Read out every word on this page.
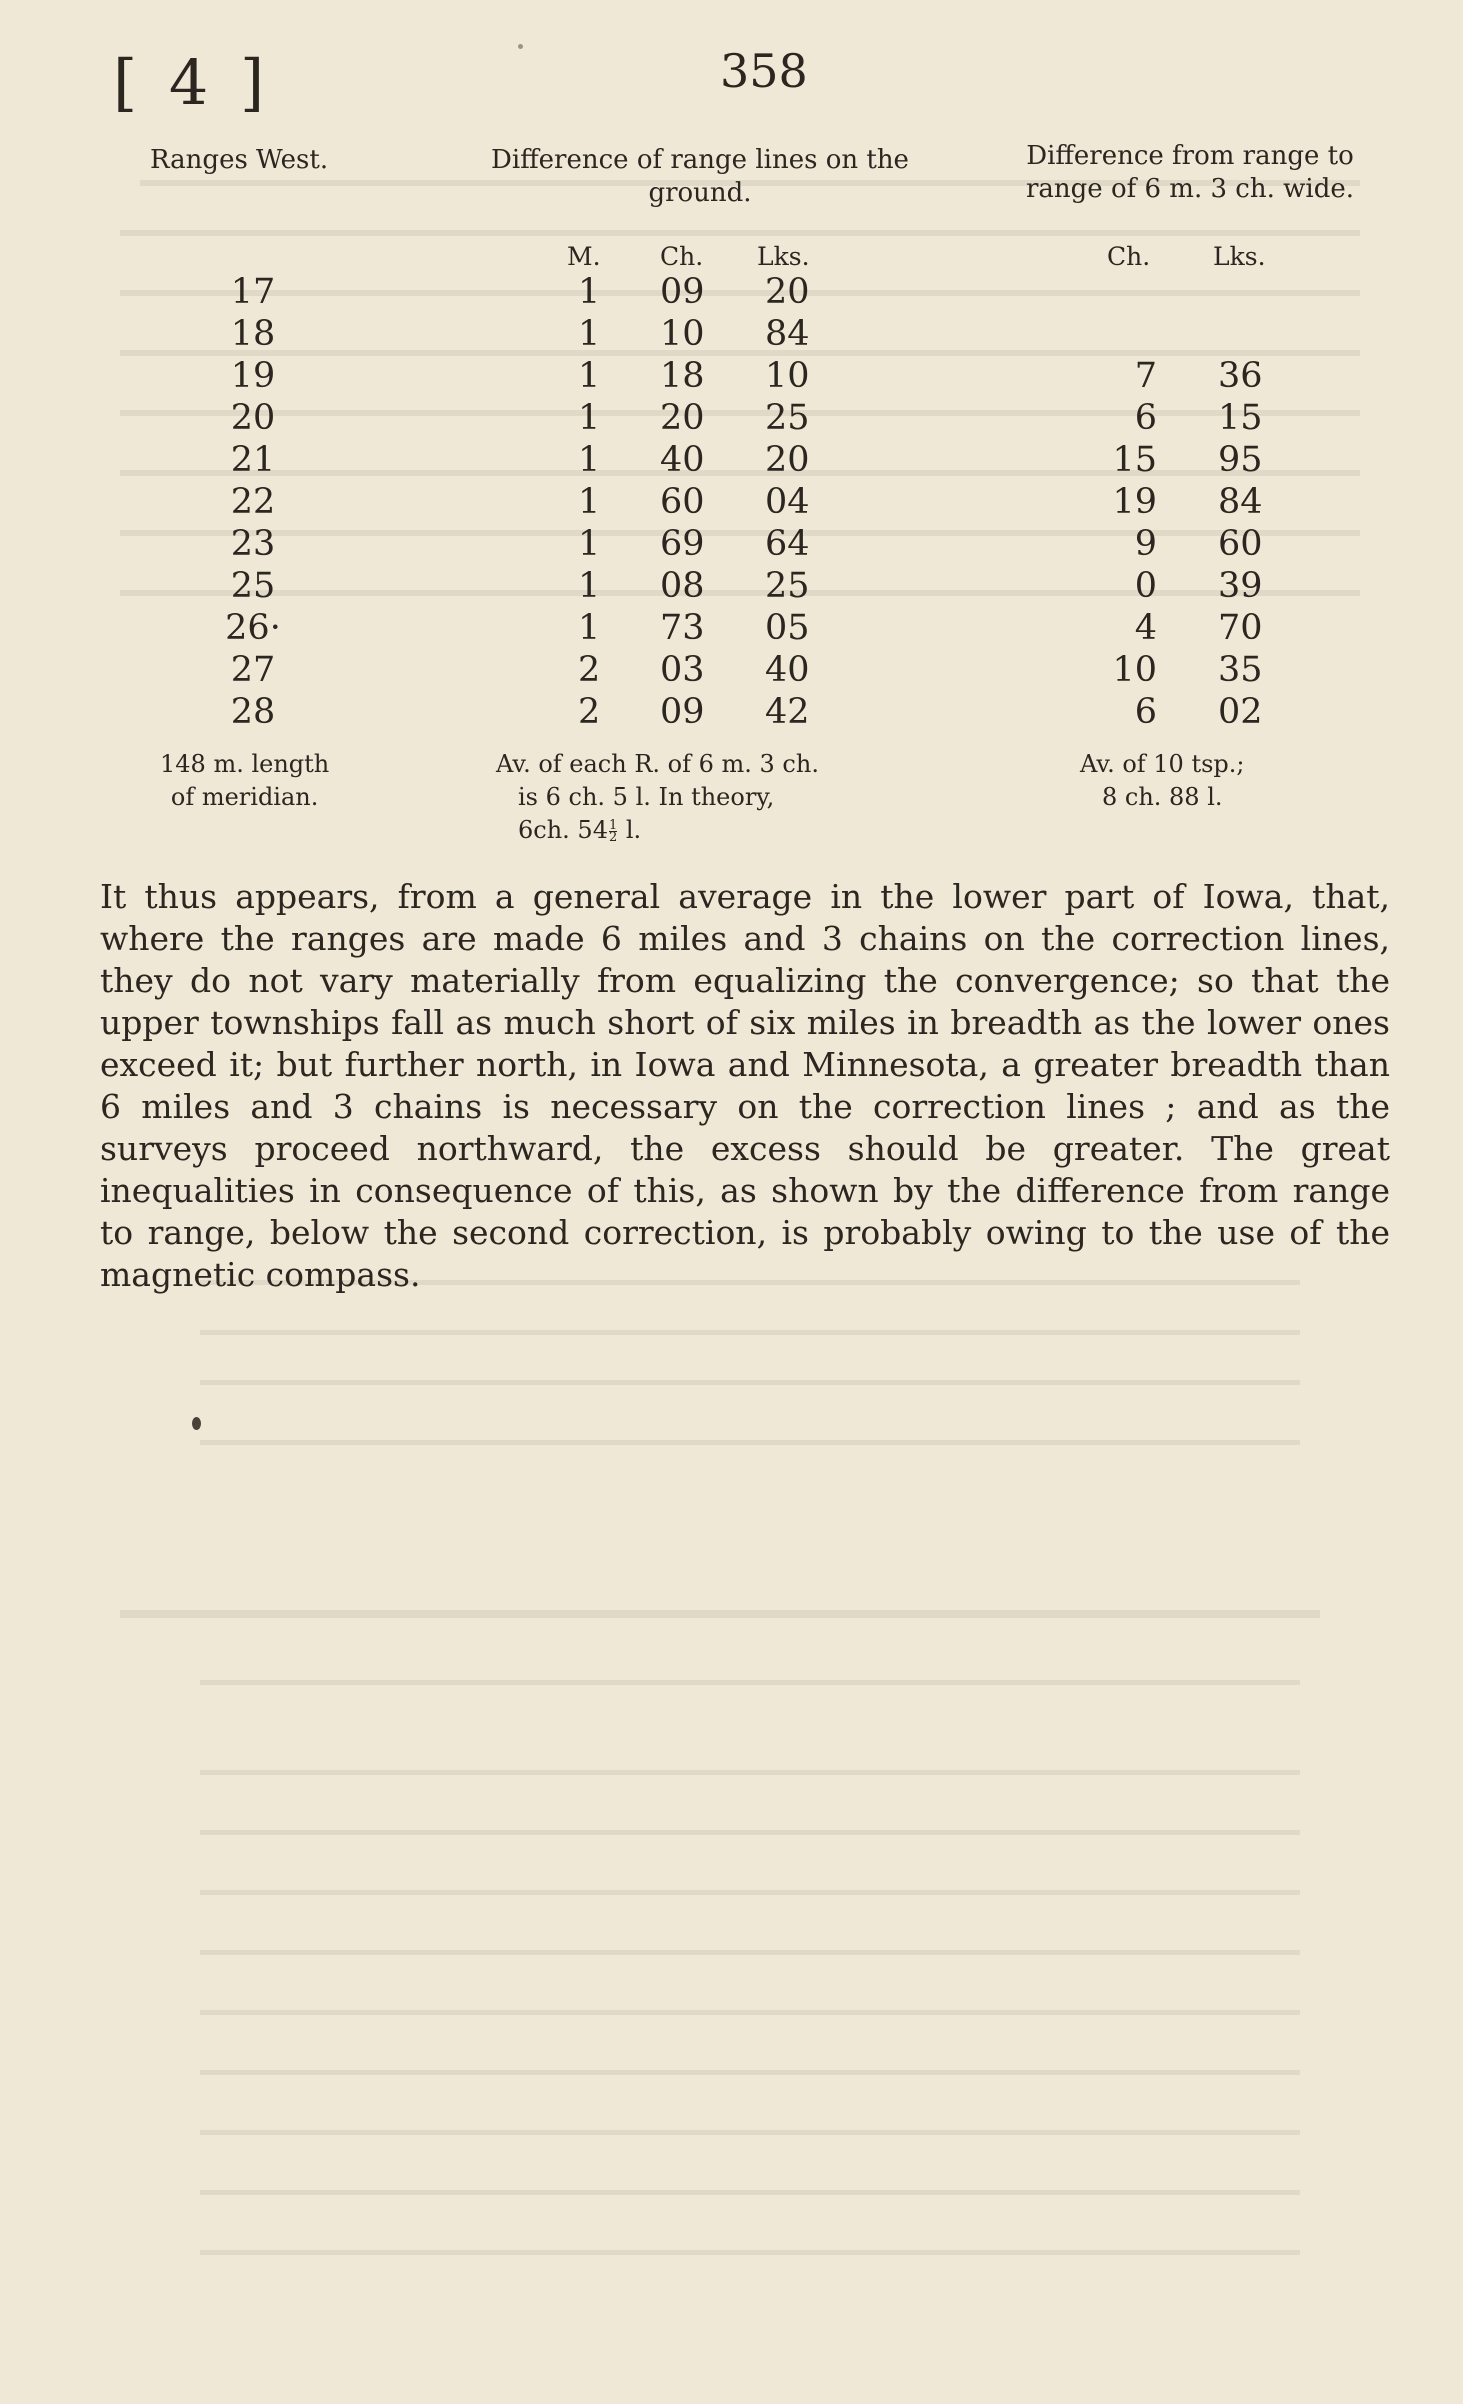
[ 4 ]	358
Ranges West.	Difference of range lines on the
ground.
Difference from range to
range of 6 m. 3 ch. wide.
M. Ch. Lks.	Ch.	Lks.
17	1 09 20
18	1 10 84
19	1 18 10	7 36
20	1 20 25	6 15
21	1 40 20	15 95
22	1 60 04	19 84
23	1 69 64	9 60
25	1 08 25	0 39
26·	1 73 05	4 70
27	2 03 40	10 35
28	2 09 42	6 02
148 m. length
of meridian.
Av. of each R. of 6 m. 3 ch.
is 6 ch. 5 l. In theory,
6ch. $54\frac{1}{2} l$.
Av. of 10 tsp.;
8 ch. 88 l.
It thus appears, from a general average in the lower part of Iowa, that, where the ranges are made 6 miles and 3 chains on the correction lines, they do not vary materially from equalizing the convergence; so that the upper townships fall as much short of six miles in breadth as the lower ones exceed it; but further north, in Iowa and Minnesota, a greater breadth than 6 miles and 3 chains is necessary on the correction lines ; and as the surveys proceed northward, the excess should be greater. The great inequalities in consequence of this, as shown by the difference from range to range, below the second correction, is probably owing to the use of the magnetic compass.
